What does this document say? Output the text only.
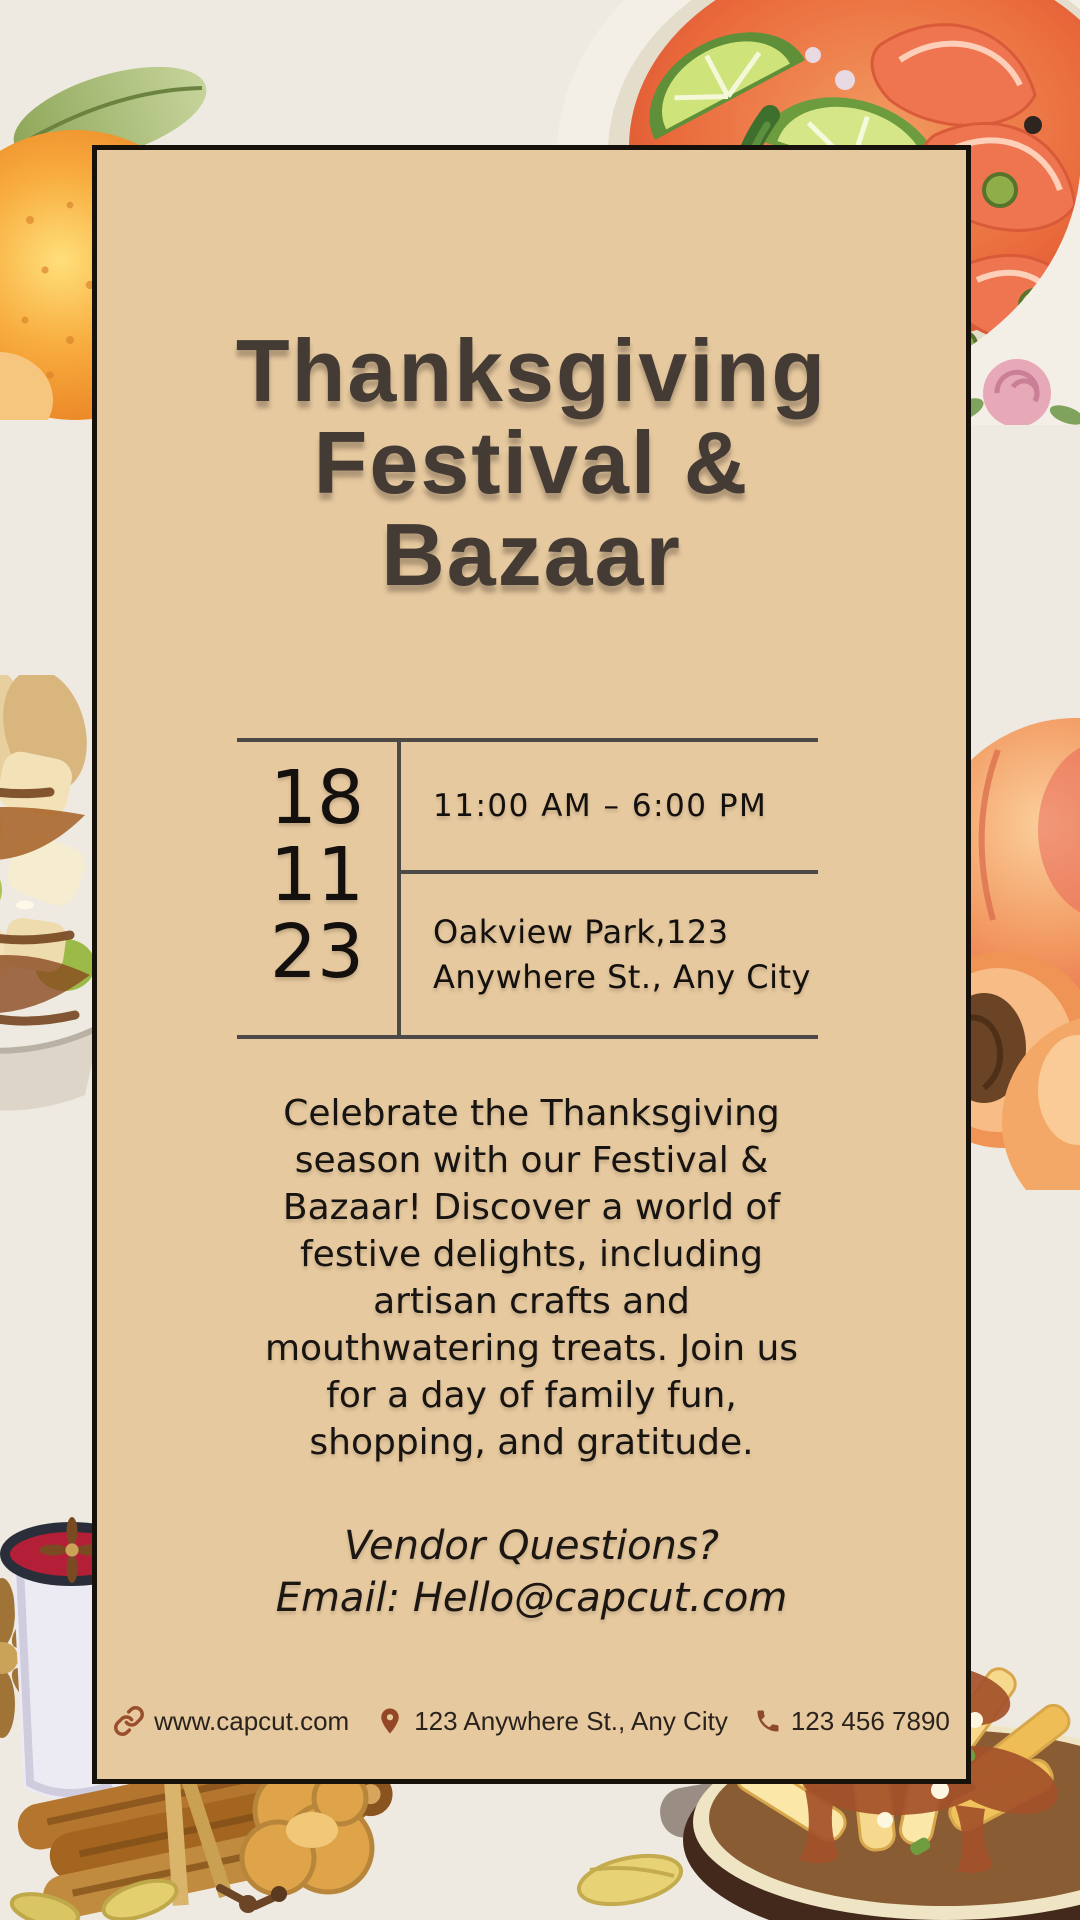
Thanksgiving
Festival &
Bazaar
18
11
23
11:00 AM – 6:00 PM
Oakview Park,123
Anywhere St., Any City
Celebrate the Thanksgiving
season with our Festival &
Bazaar! Discover a world of
festive delights, including
artisan crafts and
mouthwatering treats. Join us
for a day of family fun,
shopping, and gratitude.
Vendor Questions?
Email: Hello@capcut.com
www.capcut.com	123 Anywhere St., Any City 123 456 7890
